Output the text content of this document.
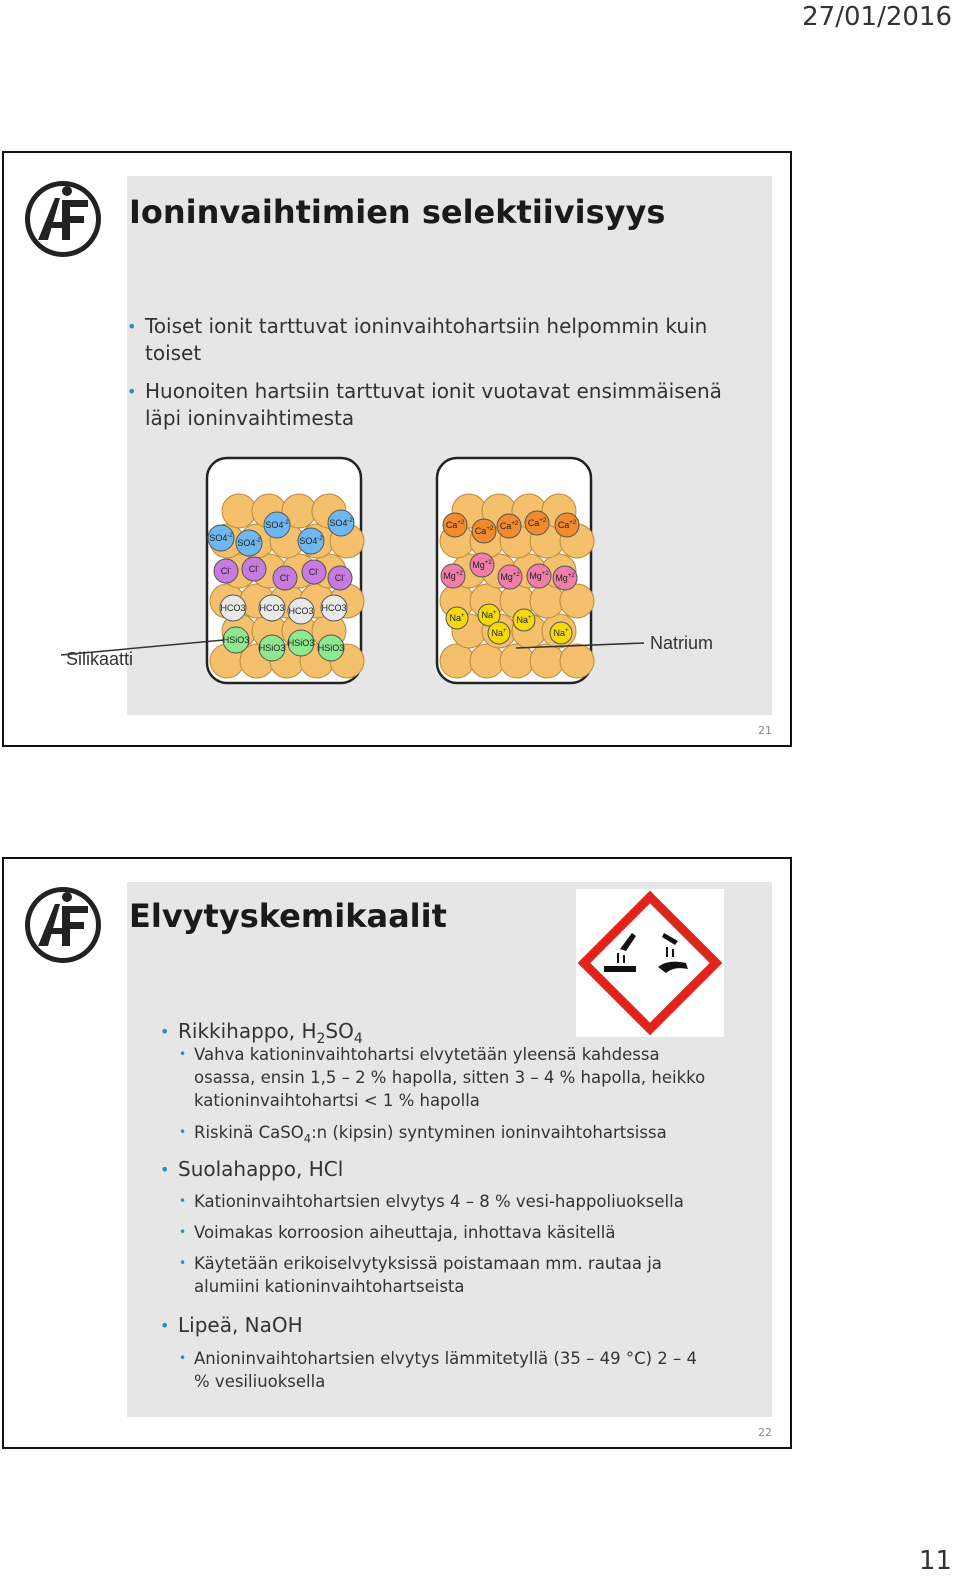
27/01/2016
Ioninvaihtimien selektiivisyys
• Toiset ionit tarttuvat ioninvaihtohartsiin helpommin kuin toiset
• Huonoiten hartsiin tarttuvat ionit vuotavat ensimmäisenä läpi ioninvaihtimesta
$SO4^{-2}$
$SO4^{-2}$
$SO4^{-2}$
$SO4^{-2}$
$SO4^{-2}$
Cl- Cl-
Cl- Cl-
Cl-
HCO3 HCO3 HCO3 HCO3
HSiO3
HSiO3 HSiO3 HSiO3
$Ca^{+2}$
$Ca^{+2}$ $Ca^{+2}$ $Ca^{+2}$ $Ca^{+2}$
$Mg^{+2}$
$Mg^{+2}$
$Mg^{+2}$ $Mg^{+2}$ $Mg^{+2}$
Na+ Na+
Na+
Na+
Na+
Silikaatti
Natrium
21
Elvytyskemikaalit
• Rikkihappo, $H_2SO_4$
• Vahva kationinvaihtohartsi elvytetään yleensä kahdessa osassa, ensin 1,5 – 2 % hapolla, sitten 3 – 4 % hapolla, heikko kationinvaihtohartsi < 1 % hapolla
• Riskinä CaSO$_4$:n (kipsin) syntyminen ioninvaihtohartsissa
• Suolahappo, HCl
• Kationinvaihtohartsien elvytys 4 – 8 % vesi-happoliuoksella
• Voimakas korroosion aiheuttaja, inhottava käsitellä
• Käytetään erikoiselvytyksissä poistamaan mm. rautaa ja alumiini kationinvaihtohartseista
• Lipeä, NaOH
• Anioninvaihtohartsien elvytys lämmitetyllä (35 – 49 °C) 2 – 4 % vesiliuoksella
22
11
